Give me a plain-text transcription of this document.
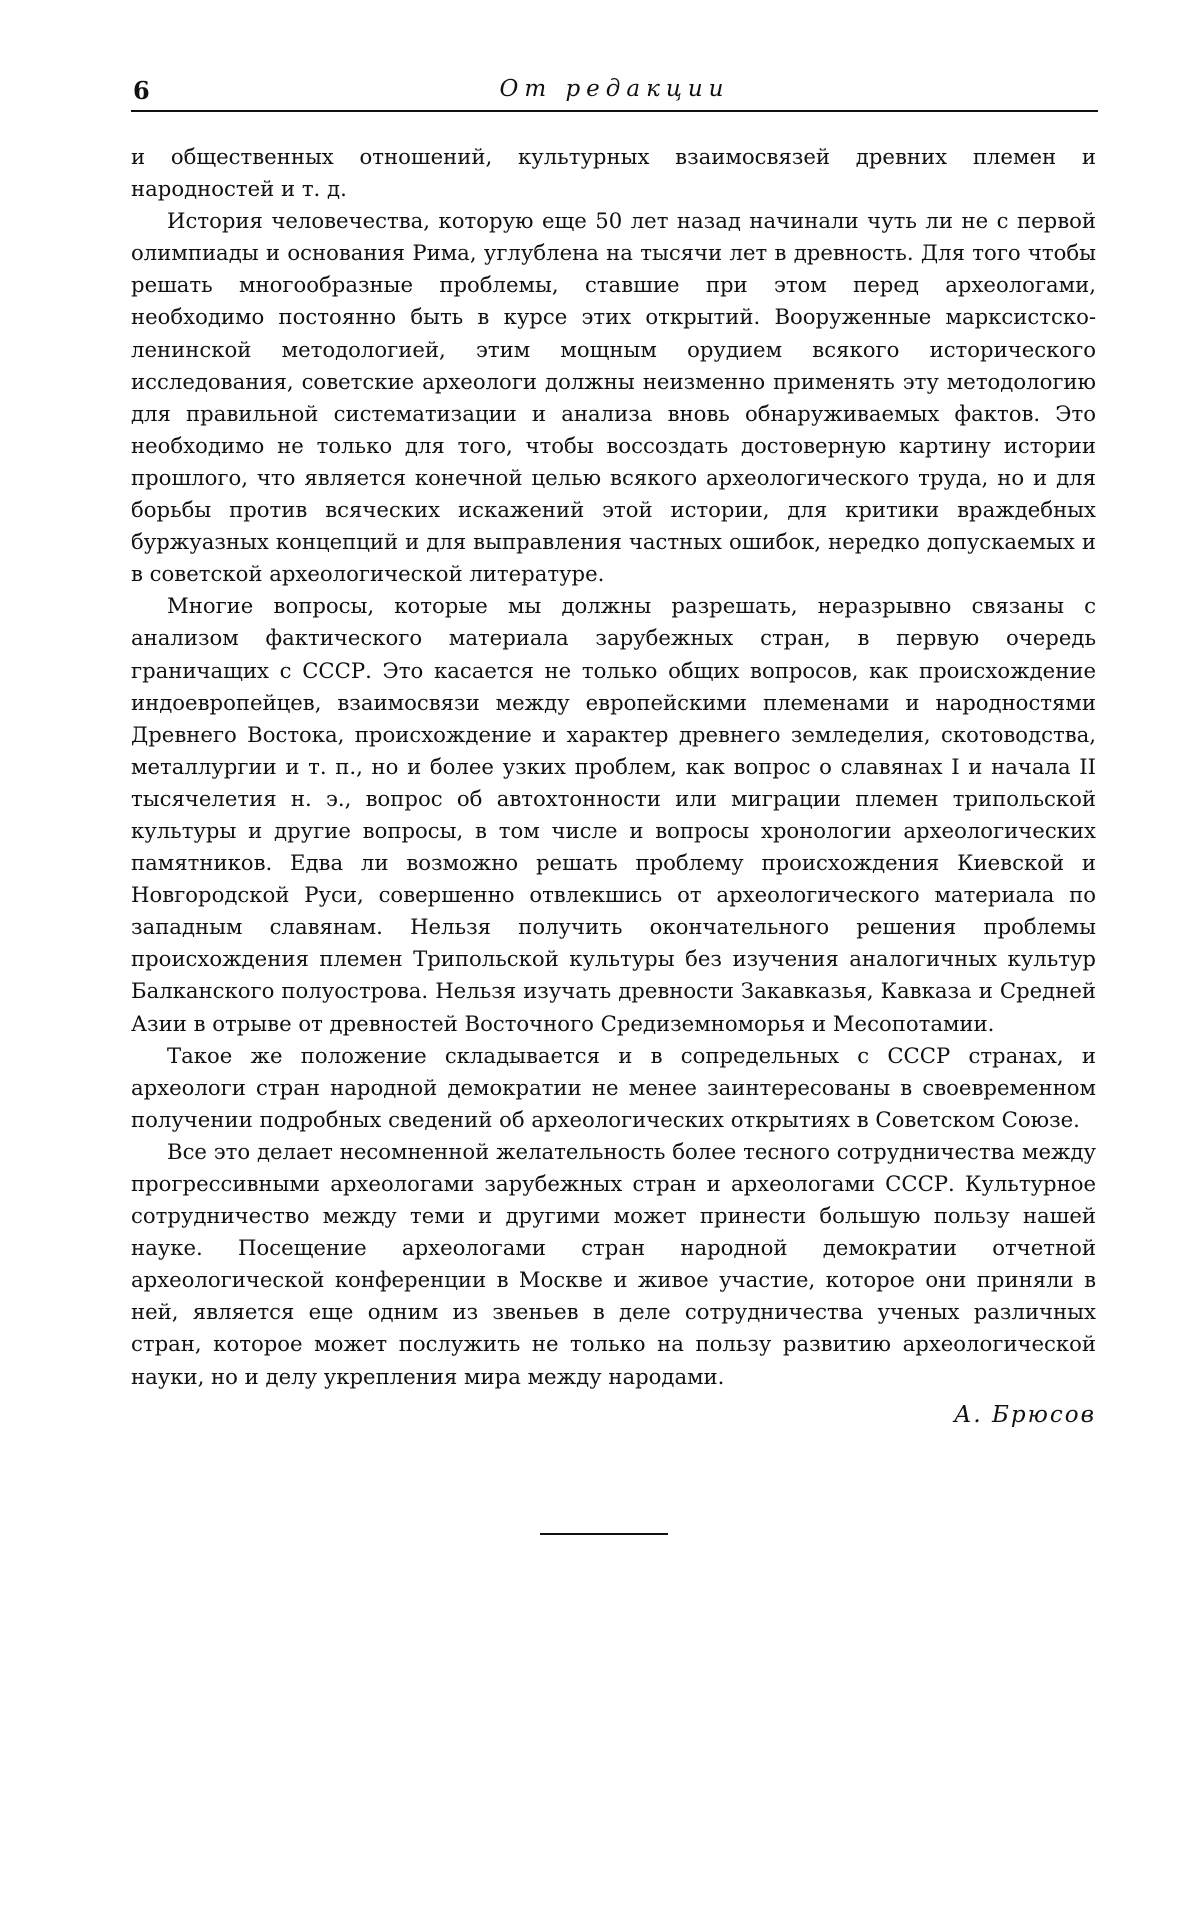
6	От редакции

и общественных отношений, культурных взаимосвязей древних племен и народностей и т. д.

История человечества, которую еще 50 лет назад начинали чуть ли не с первой олимпиады и основания Рима, углублена на тысячи лет в древность. Для того чтобы решать многообразные проблемы, ставшие при этом перед археологами, необходимо постоянно быть в курсе этих открытий. Вооруженные марксистско-ленинской методологией, этим мощным орудием всякого исторического исследования, советские археологи должны неизменно применять эту методологию для правильной систематизации и анализа вновь обнаруживаемых фактов. Это необходимо не только для того, чтобы воссоздать достоверную картину истории прошлого, что является конечной целью всякого археологического труда, но и для борьбы против всяческих искажений этой истории, для критики враждебных буржуазных концепций и для выправления частных ошибок, нередко допускаемых и в советской археологической литературе.

Многие вопросы, которые мы должны разрешать, неразрывно связаны с анализом фактического материала зарубежных стран, в первую очередь граничащих с СССР. Это касается не только общих вопросов, как происхождение индоевропейцев, взаимосвязи между европейскими племенами и народностями Древнего Востока, происхождение и характер древнего земледелия, скотоводства, металлургии и т. п., но и более узких проблем, как вопрос о славянах I и начала II тысячелетия н. э., вопрос об автохтонности или миграции племен трипольской культуры и другие вопросы, в том числе и вопросы хронологии археологических памятников. Едва ли возможно решать проблему происхождения Киевской и Новгородской Руси, совершенно отвлекшись от археологического материала по западным славянам. Нельзя получить окончательного решения проблемы происхождения племен Трипольской культуры без изучения аналогичных культур Балканского полуострова. Нельзя изучать древности Закавказья, Кавказа и Средней Азии в отрыве от древностей Восточного Средиземноморья и Месопотамии.

Такое же положение складывается и в сопредельных с СССР странах, и археологи стран народной демократии не менее заинтересованы в своевременном получении подробных сведений об археологических открытиях в Советском Союзе.

Все это делает несомненной желательность более тесного сотрудничества между прогрессивными археологами зарубежных стран и археологами СССР. Культурное сотрудничество между теми и другими может принести большую пользу нашей науке. Посещение археологами стран народной демократии отчетной археологической конференции в Москве и живое участие, которое они приняли в ней, является еще одним из звеньев в деле сотрудничества ученых различных стран, которое может послужить не только на пользу развитию археологической науки, но и делу укрепления мира между народами.

А. Брюсов
